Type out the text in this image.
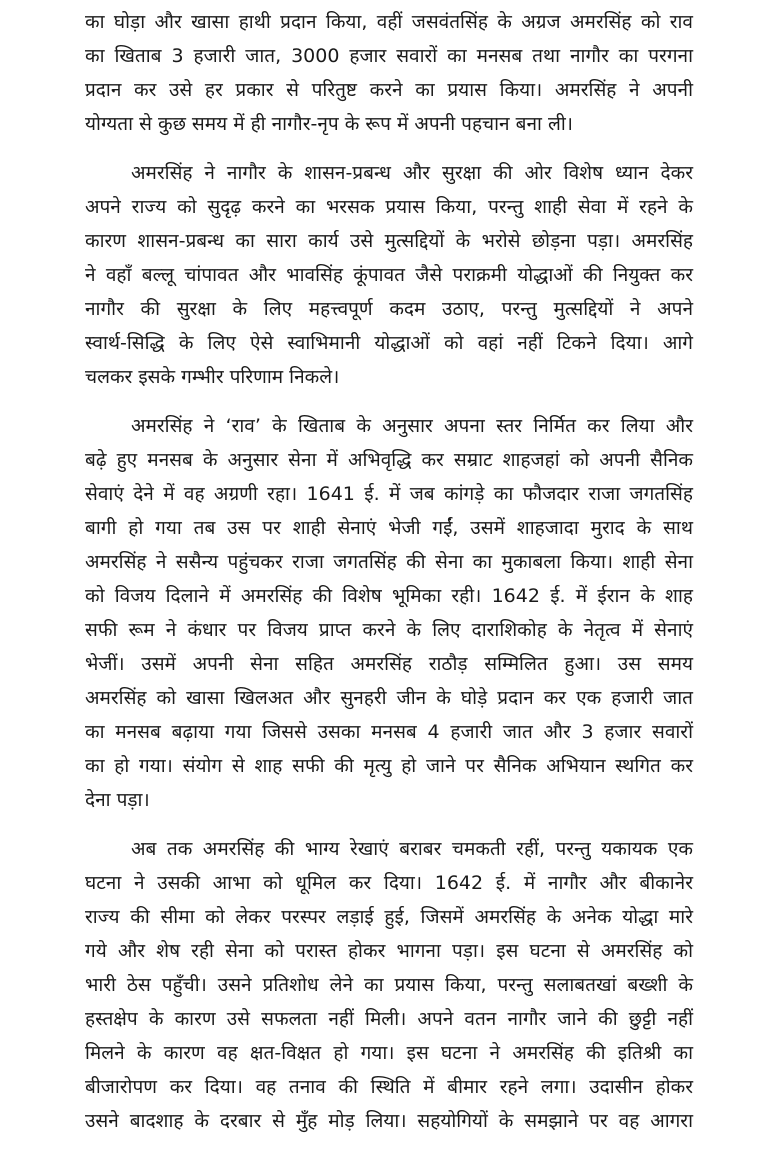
का घोड़ा और खासा हाथी प्रदान किया, वहीं जसवंतसिंह के अग्रज अमरसिंह को राव
का खिताब 3 हजारी जात, 3000 हजार सवारों का मनसब तथा नागौर का परगना
प्रदान कर उसे हर प्रकार से परितुष्ट करने का प्रयास किया। अमरसिंह ने अपनी
योग्यता से कुछ समय में ही नागौर-नृप के रूप में अपनी पहचान बना ली।
अमरसिंह ने नागौर के शासन-प्रबन्ध और सुरक्षा की ओर विशेष ध्यान देकर
अपने राज्य को सुदृढ़ करने का भरसक प्रयास किया, परन्तु शाही सेवा में रहने के
कारण शासन-प्रबन्ध का सारा कार्य उसे मुत्सद्दियों के भरोसे छोड़ना पड़ा। अमरसिंह
ने वहाँ बल्लू चांपावत और भावसिंह कूंपावत जैसे पराक्रमी योद्धाओं की नियुक्त कर
नागौर की सुरक्षा के लिए महत्त्वपूर्ण कदम उठाए, परन्तु मुत्सद्दियों ने अपने
स्वार्थ-सिद्धि के लिए ऐसे स्वाभिमानी योद्धाओं को वहां नहीं टिकने दिया। आगे
चलकर इसके गम्भीर परिणाम निकले।
अमरसिंह ने ‘राव’ के खिताब के अनुसार अपना स्तर निर्मित कर लिया और
बढ़े हुए मनसब के अनुसार सेना में अभिवृद्धि कर सम्राट शाहजहां को अपनी सैनिक
सेवाएं देने में वह अग्रणी रहा। 1641 ई. में जब कांगड़े का फौजदार राजा जगतसिंह
बागी हो गया तब उस पर शाही सेनाएं भेजी गईं, उसमें शाहजादा मुराद के साथ
अमरसिंह ने ससैन्य पहुंचकर राजा जगतसिंह की सेना का मुकाबला किया। शाही सेना
को विजय दिलाने में अमरसिंह की विशेष भूमिका रही। 1642 ई. में ईरान के शाह
सफी रूम ने कंधार पर विजय प्राप्त करने के लिए दाराशिकोह के नेतृत्व में सेनाएं
भेजीं। उसमें अपनी सेना सहित अमरसिंह राठौड़ सम्मिलित हुआ। उस समय
अमरसिंह को खासा खिलअत और सुनहरी जीन के घोड़े प्रदान कर एक हजारी जात
का मनसब बढ़ाया गया जिससे उसका मनसब 4 हजारी जात और 3 हजार सवारों
का हो गया। संयोग से शाह सफी की मृत्यु हो जाने पर सैनिक अभियान स्थगित कर
देना पड़ा।
अब तक अमरसिंह की भाग्य रेखाएं बराबर चमकती रहीं, परन्तु यकायक एक
घटना ने उसकी आभा को धूमिल कर दिया। 1642 ई. में नागौर और बीकानेर
राज्य की सीमा को लेकर परस्पर लड़ाई हुई, जिसमें अमरसिंह के अनेक योद्धा मारे
गये और शेष रही सेना को परास्त होकर भागना पड़ा। इस घटना से अमरसिंह को
भारी ठेस पहुँची। उसने प्रतिशोध लेने का प्रयास किया, परन्तु सलाबतखां बख्शी के
हस्तक्षेप के कारण उसे सफलता नहीं मिली। अपने वतन नागौर जाने की छुट्टी नहीं
मिलने के कारण वह क्षत-विक्षत हो गया। इस घटना ने अमरसिंह की इतिश्री का
बीजारोपण कर दिया। वह तनाव की स्थिति में बीमार रहने लगा। उदासीन होकर
उसने बादशाह के दरबार से मुँह मोड़ लिया। सहयोगियों के समझाने पर वह आगरा
